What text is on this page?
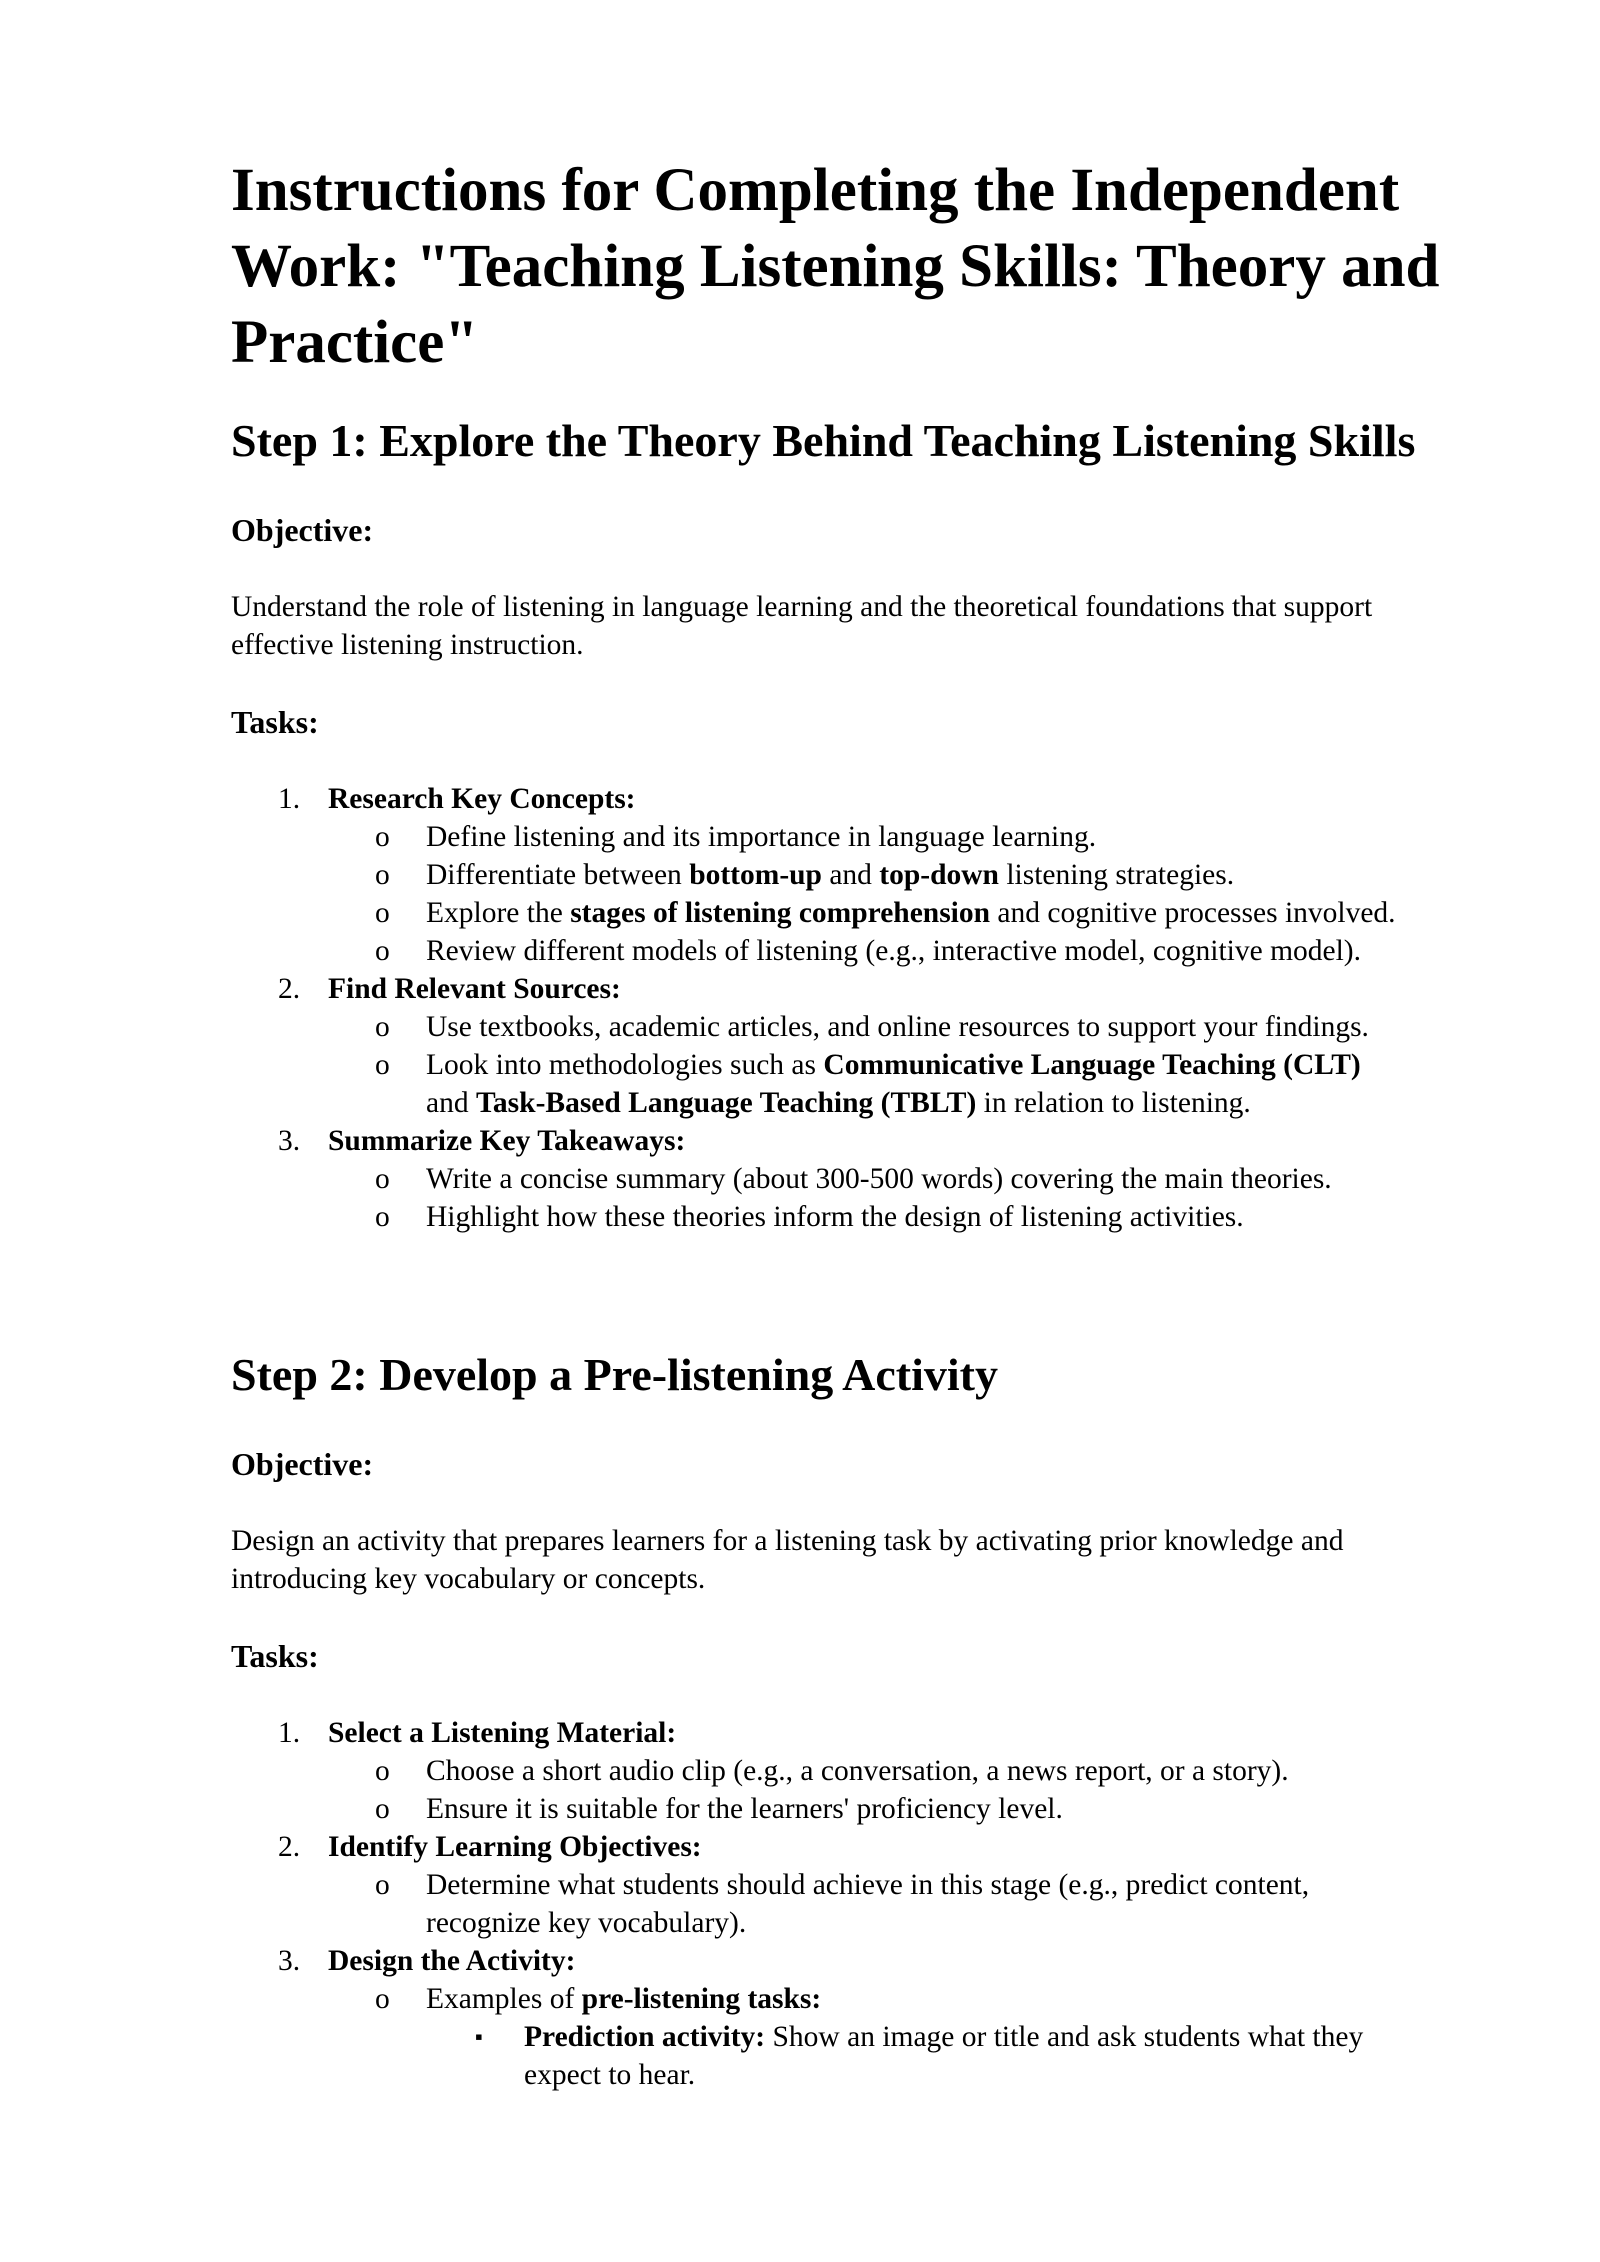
Instructions for Completing the Independent Work: "Teaching Listening Skills: Theory and Practice"
Step 1: Explore the Theory Behind Teaching Listening Skills
Objective:

Understand the role of listening in language learning and the theoretical foundations that support

effective listening instruction.

Tasks:
1. Research Key Concepts:
o Define listening and its importance in language learning.
o Differentiate between bottom-up and top-down listening strategies.
o Explore the stages of listening comprehension and cognitive processes involved.
o Review different models of listening (e.g., interactive model, cognitive model).
2. Find Relevant Sources:
o Use textbooks, academic articles, and online resources to support your findings.
o Look into methodologies such as Communicative Language Teaching (CLT)
and Task-Based Language Teaching (TBLT) in relation to listening.
3. Summarize Key Takeaways:
o Write a concise summary (about 300-500 words) covering the main theories.
o Highlight how these theories inform the design of listening activities.
Step 2: Develop a Pre-listening Activity
Objective:

Design an activity that prepares learners for a listening task by activating prior knowledge and

introducing key vocabulary or concepts.

Tasks:
1. Select a Listening Material:
o Choose a short audio clip (e.g., a conversation, a news report, or a story).
o Ensure it is suitable for the learners' proficiency level.
2. Identify Learning Objectives:
o Determine what students should achieve in this stage (e.g., predict content,
recognize key vocabulary).
3. Design the Activity:
o Examples of pre-listening tasks:
▪ Prediction activity: Show an image or title and ask students what they
expect to hear.
